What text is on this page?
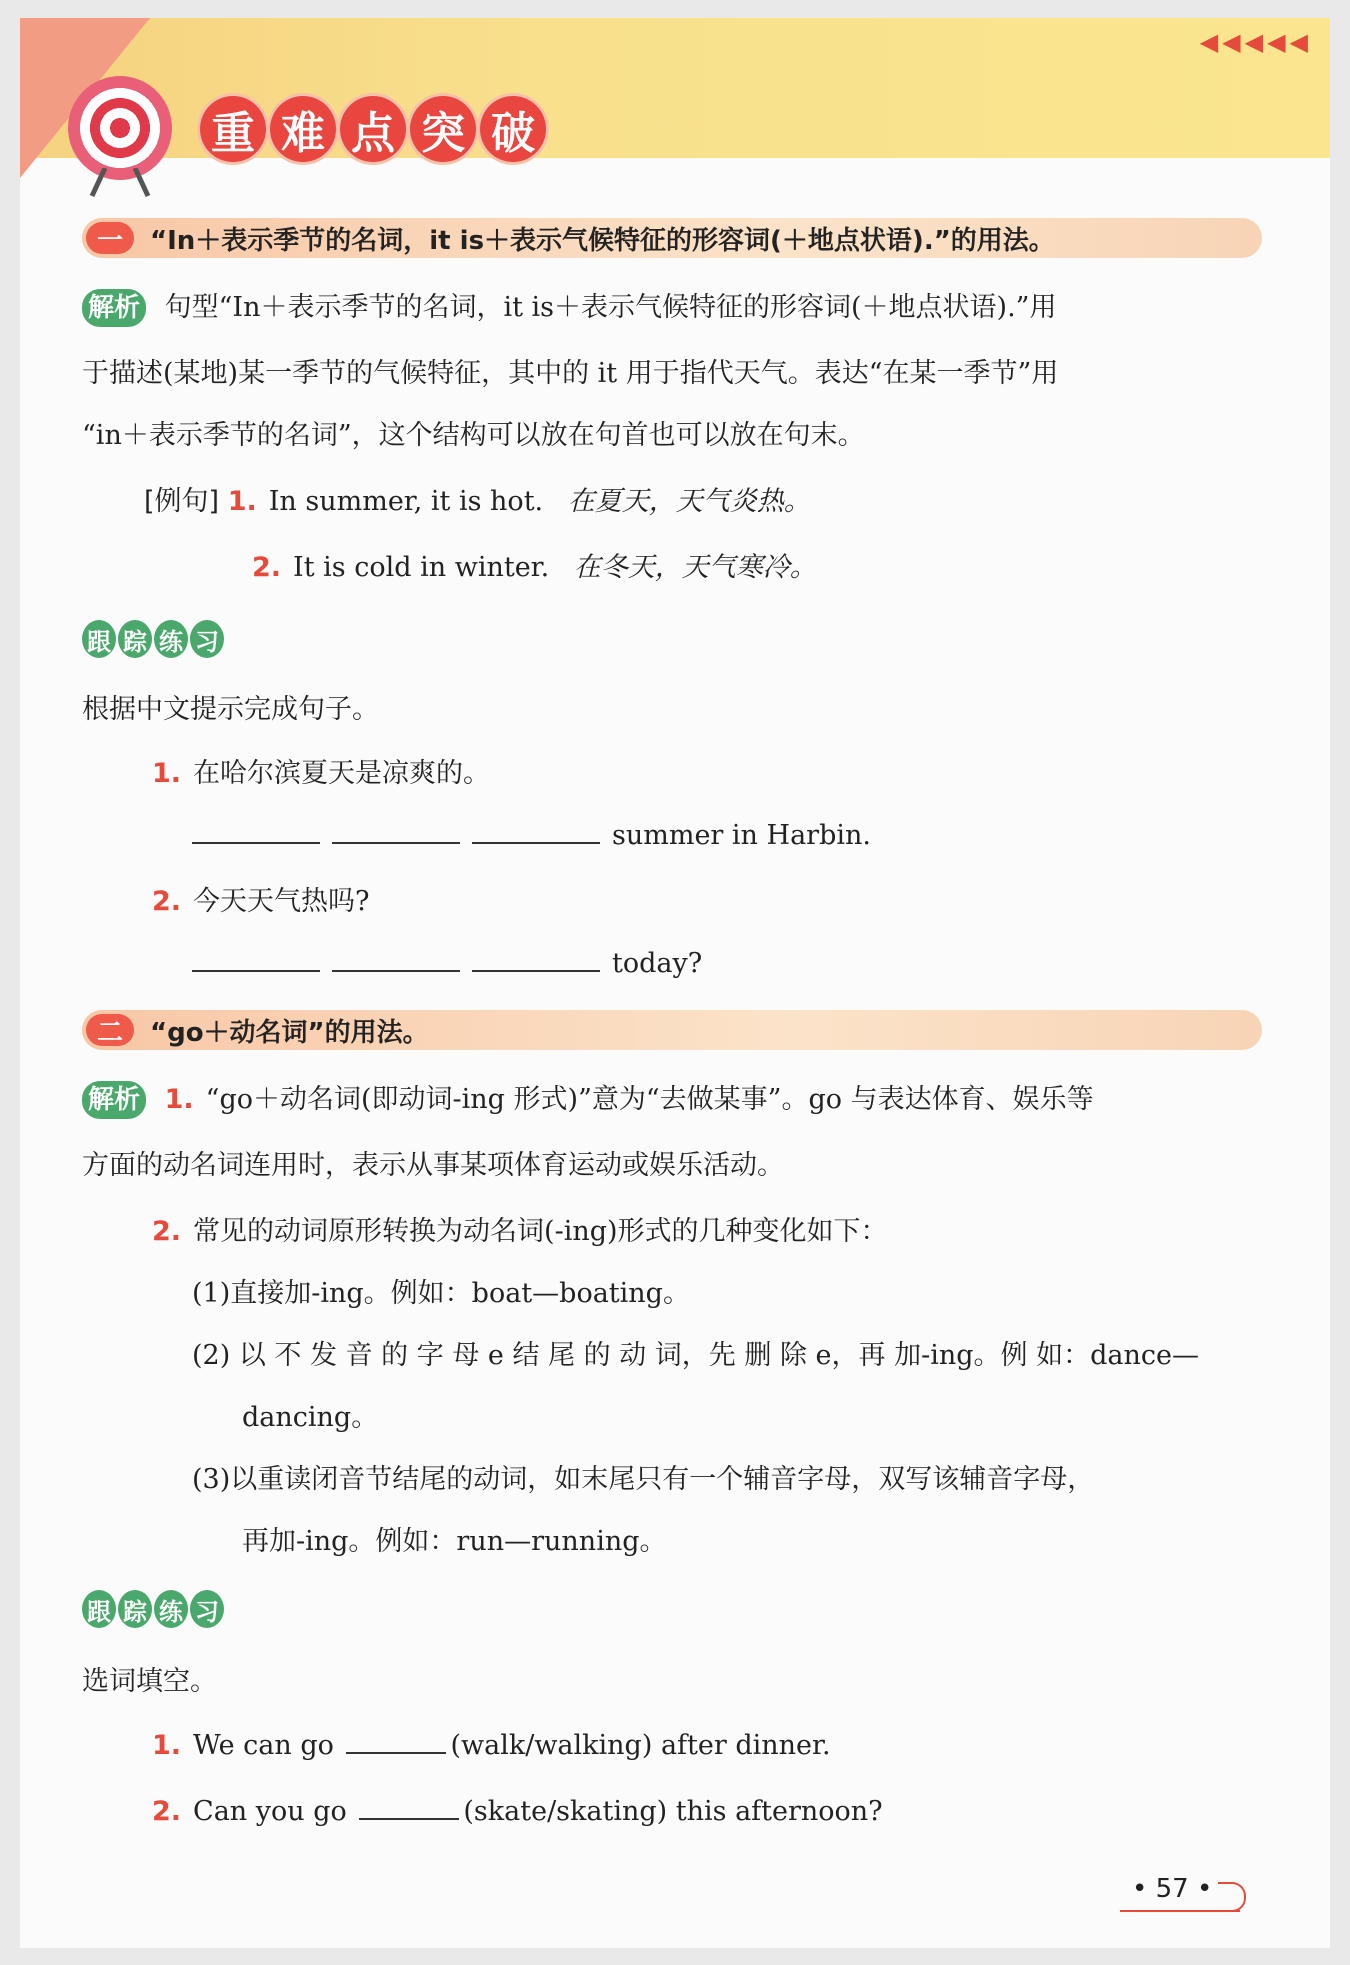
◀◀◀◀◀
重 难 点 突 破
一	“In＋表示季节的名词，it is＋表示气候特征的形容词(＋地点状语).”的用法。
解析 句型“In＋表示季节的名词，it is＋表示气候特征的形容词(＋地点状语).”用
于描述(某地)某一季节的气候特征，其中的 it 用于指代天气。表达“在某一季节”用
“in＋表示季节的名词”，这个结构可以放在句首也可以放在句末。
[例句] 1. In summer, it is hot. 在夏天，天气炎热。
2. It is cold in winter. 在冬天，天气寒冷。
跟 踪 练 习
根据中文提示完成句子。
1. 在哈尔滨夏天是凉爽的。
summer in Harbin.
2. 今天天气热吗?
today?
二	“go＋动名词”的用法。
解析 1. “go＋动名词(即动词-ing 形式)”意为“去做某事”。go 与表达体育、娱乐等
方面的动名词连用时，表示从事某项体育运动或娱乐活动。
2. 常见的动词原形转换为动名词(-ing)形式的几种变化如下：
(1)直接加-ing。例如：boat—boating。
(2) 以 不 发 音 的 字 母 e 结 尾 的 动 词，先 删 除 e，再 加-ing。例 如：dance—
dancing。
(3)以重读闭音节结尾的动词，如末尾只有一个辅音字母，双写该辅音字母，
再加-ing。例如：run—running。
跟 踪 练 习
选词填空。
1. We can go	(walk/walking) after dinner.
2. Can you go	(skate/skating) this afternoon?
• 57 •
